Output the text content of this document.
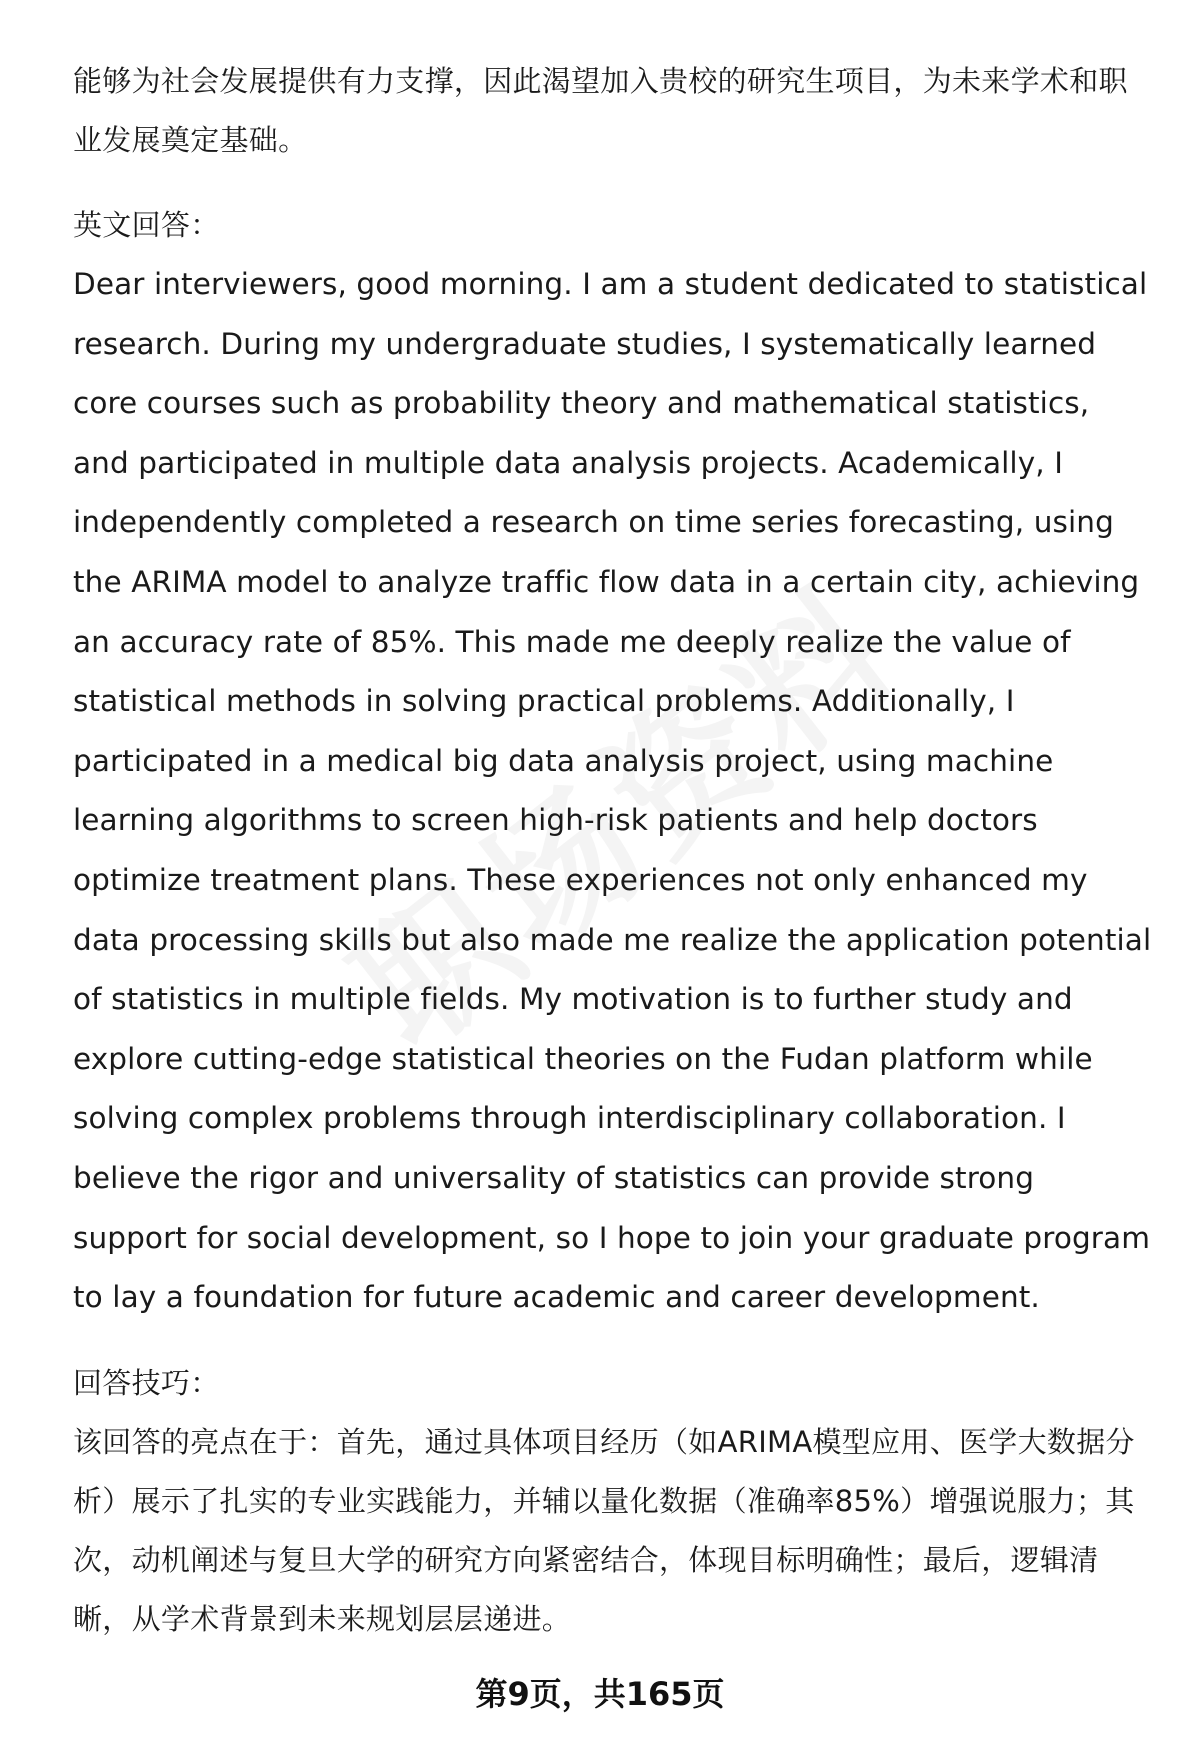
能够为社会发展提供有力支撑，因此渴望加入贵校的研究生项目，为未来学术和职业发展奠定基础。

英文回答：

Dear interviewers, good morning. I am a student dedicated to statistical research. During my undergraduate studies, I systematically learned core courses such as probability theory and mathematical statistics, and participated in multiple data analysis projects. Academically, I independently completed a research on time series forecasting, using the ARIMA model to analyze traffic flow data in a certain city, achieving an accuracy rate of 85%. This made me deeply realize the value of statistical methods in solving practical problems. Additionally, I participated in a medical big data analysis project, using machine learning algorithms to screen high-risk patients and help doctors optimize treatment plans. These experiences not only enhanced my data processing skills but also made me realize the application potential of statistics in multiple fields. My motivation is to further study and explore cutting-edge statistical theories on the Fudan platform while solving complex problems through interdisciplinary collaboration. I believe the rigor and universality of statistics can provide strong support for social development, so I hope to join your graduate program to lay a foundation for future academic and career development.

回答技巧：

该回答的亮点在于：首先，通过具体项目经历（如ARIMA模型应用、医学大数据分析）展示了扎实的专业实践能力，并辅以量化数据（准确率85%）增强说服力；其次，动机阐述与复旦大学的研究方向紧密结合，体现目标明确性；最后，逻辑清晰，从学术背景到未来规划层层递进。

第9页，共165页
